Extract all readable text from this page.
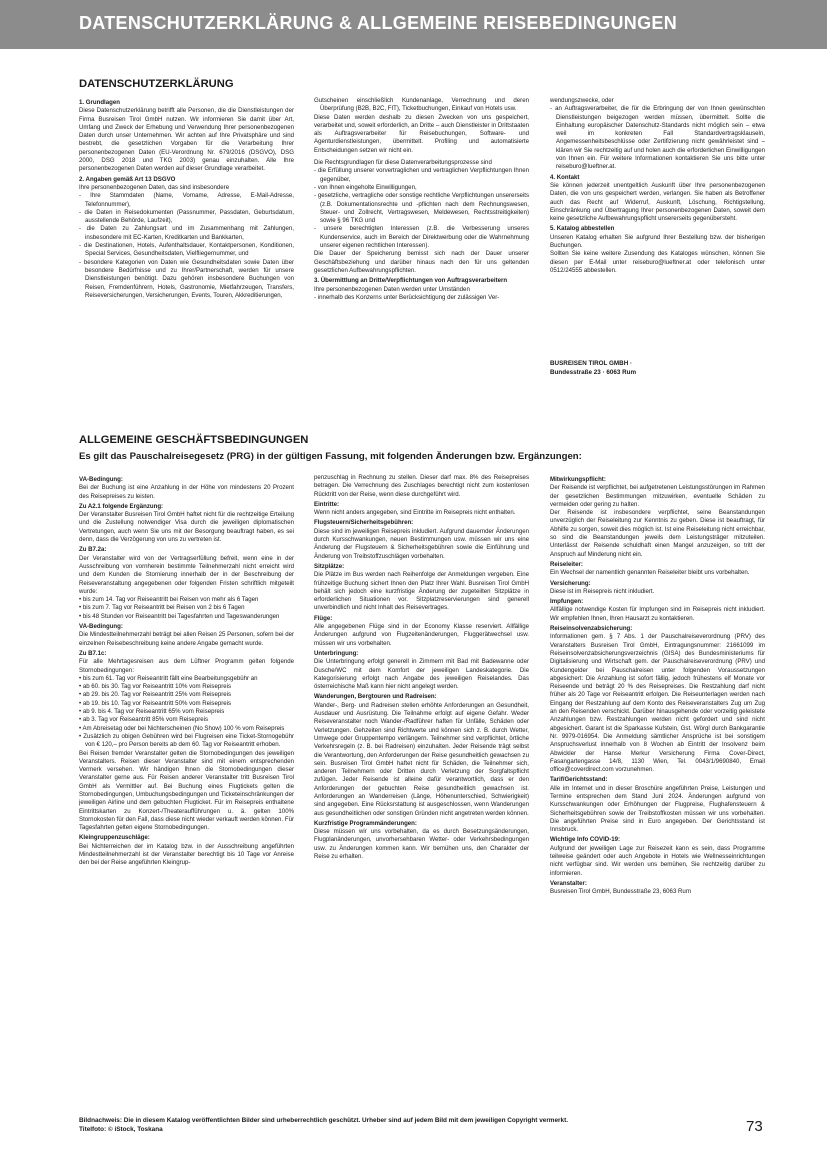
DATENSCHUTZERKLÄRUNG & ALLGEMEINE REISEBEDINGUNGEN
DATENSCHUTZERKLÄRUNG
1. Grundlagen
Diese Datenschutzerklärung betrifft alle Personen, die die Dienstleistungen der Firma Busreisen Tirol GmbH nutzen. Wir informieren Sie damit über Art, Umfang und Zweck der Erhebung und Verwendung Ihrer personenbezogenen Daten durch unser Unternehmen. Wir achten auf Ihre Privatsphäre und sind bestrebt, die gesetzlichen Vorgaben für die Verarbeitung Ihrer personenbezogenen Daten (EU-Verordnung Nr. 679/2016 (DSGVO), DSG 2000, DSG 2018 und TKG 2003) genau einzuhalten. Alle Ihre personenbezogenen Daten werden auf dieser Grundlage verarbeitet.
2. Angaben gemäß Art 13 DSGVO
Ihre personenbezogenen Daten, das sind insbesondere
- Ihre Stammdaten (Name, Vorname, Adresse, E-Mail-Adresse, Telefonnummer),
- die Daten in Reisedokumenten (Passnummer, Passdaten, Geburtsdatum, ausstellende Behörde, Laufzeit),
- die Daten zu Zahlungsart und im Zusammenhang mit Zahlungen, insbesondere mit EC-Karten, Kreditkarten und Bankkarten,
- die Destinationen, Hotels, Aufenthaltsdauer, Kontaktpersonen, Konditionen, Special Services, Gesundheitsdaten, Vielfliegernummer, und
- besondere Kategorien von Daten wie Gesundheitsdaten sowie Daten über besondere Bedürfnisse und zu Ihrer/Partnerschaft, werden für unsere Dienstleistungen benötigt. Dazu gehören insbesondere Buchungen von Reisen, Fremdenführern, Hotels, Gastronomie, Mietfahrzeugen, Transfers, Reiseversicherungen, Versicherungen, Events, Touren, Akkreditierungen,
Gutscheinen einschließlich Kundenanlage, Verrechnung und deren Überprüfung (B2B, B2C, FIT), Ticketbuchungen, Einkauf von Hotels usw.
Diese Daten werden deshalb zu diesen Zwecken von uns gespeichert, verarbeitet und, soweit erforderlich, an Dritte – auch Dienstleister in Drittstaaten als Auftragsverarbeiter für Reisebuchungen, Software- und Agenturdienstleistungen, übermittelt. Profiling und automatisierte Entscheidungen setzen wir nicht ein.
Die Rechtsgrundlagen für diese Datenverarbeitungsprozesse sind
- die Erfüllung unserer vorvertraglichen und vertraglichen Verpflichtungen Ihnen gegenüber,
- von Ihnen eingeholte Einwilligungen,
- gesetzliche, vertragliche oder sonstige rechtliche Verpflichtungen unsererseits (z.B. Dokumentationsrechte und -pflichten nach dem Rechnungswesen, Steuer- und Zollrecht, Vertragswesen, Meldewesen, Rechtsstreitigkeiten) sowie § 96 TKG und
- unsere berechtigten Interessen (z.B. die Verbesserung unseres Kundenservice, auch im Bereich der Direktwerbung oder die Wahrnehmung unserer eigenen rechtlichen Interessen).
Die Dauer der Speicherung bemisst sich nach der Dauer unserer Geschäftsbeziehung und darüber hinaus nach den für uns geltenden gesetzlichen Aufbewahrungspflichten.
3. Übermittlung an Dritte/Verpflichtungen von Auftragsverarbeitern
Ihre personenbezogenen Daten werden unter Umständen
- innerhalb des Konzerns unter Berücksichtigung der zulässigen Ver-
wendungszwecke, oder
- an Auftragsverarbeiter, die für die Erbringung der von Ihnen gewünschten Dienstleistungen beigezogen werden müssen, übermittelt. Sollte die Einhaltung europäischer Datenschutz-Standards nicht möglich sein – etwa weil im konkreten Fall Standardvertragsklauseln, Angemessenheitsbeschlüsse oder Zertifizierung nicht gewährleistet sind – klären wir Sie rechtzeitig auf und holen auch die erforderlichen Einwilligungen von Ihnen ein. Für weitere Informationen kontaktieren Sie uns bitte unter reiseburo@lueftner.at.
4. Kontakt
Sie können jederzeit unentgeltlich Auskunft über Ihre personenbezogenen Daten, die von uns gespeichert werden, verlangen. Sie haben als Betroffener auch das Recht auf Widerruf, Auskunft, Löschung, Richtigstellung, Einschränkung und Übertragung Ihrer personenbezogenen Daten, soweit dem keine gesetzliche Aufbewahrungspflicht unsererseits gegenübersteht.
5. Katalog abbestellen
Unseren Katalog erhalten Sie aufgrund Ihrer Bestellung bzw. der bisherigen Buchungen.
Sollten Sie keine weitere Zusendung des Kataloges wünschen, können Sie diesen per E-Mail unter reiseburo@lueftner.at oder telefonisch unter 0512/24555 abbestellen.
BUSREISEN TIROL GMBH ·
Bundesstraße 23 · 6063 Rum
ALLGEMEINE GESCHÄFTSBEDINGUNGEN
Es gilt das Pauschalreisegesetz (PRG) in der gültigen Fassung, mit folgenden Änderungen bzw. Ergänzungen:
VA-Bedingung:
Bei der Buchung ist eine Anzahlung in der Höhe von mindestens 20 Prozent des Reisepreises zu leisten.
Zu A2.1 folgende Ergänzung:
Der Veranstalter Busreisen Tirol GmbH haftet nicht für die rechtzeitige Erteilung und die Zustellung notwendiger Visa durch die jeweiligen diplomatischen Vertretungen, auch wenn Sie uns mit der Besorgung beauftragt haben, es sei denn, dass die Verzögerung von uns zu vertreten ist.
Zu B7.2a:
Der Veranstalter wird von der Vertragserfüllung befreit, wenn eine in der Ausschreibung von vornherein bestimmte Teilnehmerzahl nicht erreicht wird und dem Kunden die Stornierung innerhalb der in der Beschreibung der Reiseveranstaltung angegebenen oder folgenden Fristen schriftlich mitgeteilt wurde:
• bis zum 14. Tag vor Reiseantritt bei Reisen von mehr als 6 Tagen
• bis zum 7. Tag vor Reiseantritt bei Reisen von 2 bis 6 Tagen
• bis 48 Stunden vor Reiseantritt bei Tagesfahrten und Tageswanderungen
VA-Bedingung:
Die Mindestteilnehmerzahl beträgt bei allen Reisen 25 Personen, sofern bei der einzelnen Reisebeschreibung keine andere Angabe gemacht wurde.
Zu B7.1c:
Für alle Mehrtagesreisen aus dem Lüftner Programm gelten folgende Stornobedingungen:
• bis zum 61. Tag vor Reiseantritt fällt eine Bearbeitungsgebühr an
• ab 60. bis 30. Tag vor Reiseantritt 10% vom Reisepreis
• ab 29. bis 20. Tag vor Reiseantritt 25% vom Reisepreis
• ab 19. bis 10. Tag vor Reiseantritt 50% vom Reisepreis
• ab 9. bis 4. Tag vor Reiseantritt 65% vom Reisepreis
• ab 3. Tag vor Reiseantritt 85% vom Reisepreis
• Am Abreisetag oder bei Nichterscheinen (No Show) 100 % vom Reisepreis
• Zusätzlich zu obigen Gebühren wird bei Flugreisen eine Ticket-Stornogebühr von € 120,– pro Person bereits ab dem 60. Tag vor Reiseantritt erhoben.
Bei Reisen fremder Veranstalter gelten die Stornobedingungen des jeweiligen Veranstalters. Reisen dieser Veranstalter sind mit einem entsprechenden Vermerk versehen. Wir händigen Ihnen die Stornobedingungen dieser Veranstalter gerne aus. Für Reisen anderer Veranstalter tritt Busreisen Tirol GmbH als Vermittler auf. Bei Buchung eines Flugtickets gelten die Stornobedingungen, Umbuchungsbedingungen und Ticketeinschränkungen der jeweiligen Airline und dem gebuchten Flugticket. Für im Reisepreis enthaltene Eintrittskarten zu Konzert-/Theateraufführungen u. ä. gelten 100% Stornokosten für den Fall, dass diese nicht wieder verkauft werden können. Für Tagesfahrten gelten eigene Stornobedingungen.
Kleingruppenzuschläge:
Bei Nichterreichen der im Katalog bzw. in der Ausschreibung angeführten Mindestteilnehmerzahl ist der Veranstalter berechtigt bis 10 Tage vor Anreise den bei der Reise angeführten Kleingrup-
penzuschlag in Rechnung zu stellen. Dieser darf max. 8% des Reisepreises betragen. Die Verrechnung des Zuschlages berechtigt nicht zum kostenlosen Rücktritt von der Reise, wenn diese durchgeführt wird.
Eintritte:
Wenn nicht anders angegeben, sind Eintritte im Reisepreis nicht enthalten.
Flugsteuern/Sicherheitsgebühren:
Diese sind im jeweiligen Reisepreis inkludiert. Aufgrund dauernder Änderungen durch Kursschwankungen, neuen Bestimmungen usw. müssen wir uns eine Änderung der Flugsteuern & Sicherheitsgebühren sowie die Einführung und Änderung von Treibstoffzuschlägen vorbehalten.
Sitzplätze:
Die Plätze im Bus werden nach Reihenfolge der Anmeldungen vergeben. Eine frühzeitige Buchung sichert Ihnen den Platz Ihrer Wahl. Busreisen Tirol GmbH behält sich jedoch eine kurzfristige Änderung der zugeteilten Sitzplätze in erforderlichen Situationen vor. Sitzplatzreservierungen sind generell unverbindlich und nicht Inhalt des Reisevertrages.
Flüge:
Alle angegebenen Flüge sind in der Economy Klasse reserviert. Allfällige Änderungen aufgrund von Flugzeitenänderungen, Fluggerätwechsel usw. müssen wir uns vorbehalten.
Unterbringung:
Die Unterbringung erfolgt generell in Zimmern mit Bad mit Badewanne oder Dusche/WC mit dem Komfort der jeweiligen Landeskategorie. Die Kategorisierung erfolgt nach Angabe des jeweiligen Reiselandes. Das österreichische Maß kann hier nicht angelegt werden.
Wanderungen, Bergtouren und Radreisen:
Wander-, Berg- und Radreisen stellen erhöhte Anforderungen an Gesundheit, Ausdauer und Ausrüstung. Die Teilnahme erfolgt auf eigene Gefahr. Weder Reiseveranstalter noch Wander-/Radführer haften für Unfälle, Schäden oder Verletzungen. Gehzeiten sind Richtwerte und können sich z. B. durch Wetter, Umwege oder Gruppentempo verlängern. Teilnehmer sind verpflichtet, örtliche Verkehrsregeln (z. B. bei Radreisen) einzuhalten. Jeder Reisende trägt selbst die Verantwortung, den Anforderungen der Reise gesundheitlich gewachsen zu sein. Busreisen Tirol GmbH haftet nicht für Schäden, die Teilnehmer sich, anderen Teilnehmern oder Dritten durch Verletzung der Sorgfaltspflicht zufügen. Jeder Reisende ist alleine dafür verantwortlich, dass er den Anforderungen der gebuchten Reise gesundheitlich gewachsen ist. Anforderungen an Wanderreisen (Länge, Höhenunterschied, Schwierigkeit) sind angegeben. Eine Rücksrstattung ist ausgeschlossen, wenn Wanderungen aus gesundheitlichen oder sonstigen Gründen nicht angetreten werden können.
Kurzfristige Programmänderungen:
Diese müssen wir uns vorbehalten, da es durch Besetzungsänderungen, Flugplanänderungen, unvorhersehbaren Wetter- oder Verkehrsbedingungen usw. zu Änderungen kommen kann. Wir bemühen uns, den Charakter der Reise zu erhalten.
Mitwirkungspflicht:
Der Reisende ist verpflichtet, bei aufgetretenen Leistungsstörungen im Rahmen der gesetzlichen Bestimmungen mitzuwirken, eventuelle Schäden zu vermeiden oder gering zu halten.
Der Reisende ist insbesondere verpflichtet, seine Beanstandungen unverzüglich der Reiseleitung zur Kenntnis zu geben. Diese ist beauftragt, für Abhilfe zu sorgen, soweit dies möglich ist. Ist eine Reiseleitung nicht erreichbar, so sind die Beanstandungen jeweils dem Leistungsträger mitzuteilen. Unterlässt der Reisende schuldhaft einen Mangel anzuzeigen, so tritt der Anspruch auf Minderung nicht ein.
Reiseleiter:
Ein Wechsel der namentlich genannten Reiseleiter bleibt uns vorbehalten.
Versicherung:
Diese ist im Reisepreis nicht inkludiert.
Impfungen:
Allfällige notwendige Kosten für Impfungen sind im Reisepreis nicht inkludiert. Wir empfehlen Ihnen, Ihren Hausarzt zu kontaktieren.
Reiseinsolvenzabsicherung:
Informationen gem. § 7 Abs. 1 der Pauschalreiseverordnung (PRV) des Veranstalters Busreisen Tirol GmbH, Eintragungsnummer: 21661099 im Reiseinsolvenzabsicherungsverzeichnis (GISA) des Bundesministeriums für Digitalisierung und Wirtschaft gem. der Pauschalreiseverordnung (PRV) und Kundengelder bei Pauschalreisen unter folgenden Voraussetzungen abgesichert: Die Anzahlung ist sofort fällig, jedoch frühestens elf Monate vor Reiseende und beträgt 20 % des Reisepreises. Die Restzahlung darf nicht früher als 20 Tage vor Reiseantritt erfolgen. Die Reiseunterlagen werden nach Eingang der Restzahlung auf dem Konto des Reiseveranstalters Zug um Zug an den Reisenden verschickt. Darüber hinausgehende oder vorzeitig geleistete Anzahlungen bzw. Restzahlungen werden nicht gefordert und sind nicht abgesichert. Garant ist die Sparkasse Kufstein, Gst. Wörgl durch Bankgarantie Nr. 9979-016954. Die Anmeldung sämtlicher Ansprüche ist bei sonstigem Anspruchsverlust innerhalb von 8 Wochen ab Eintritt der Insolvenz beim Abwickler der Hanse Merkur Versicherung Firma Cover-Direct, Fasangartengasse 14/8, 1130 Wien, Tel. 0043/1/9690840, Email office@coverdirect.com vorzunehmen.
Tarif/Gerichtsstand:
Alle im Internet und in dieser Broschüre angeführten Preise, Leistungen und Termine entsprechen dem Stand Juni 2024. Änderungen aufgrund von Kursschwankungen oder Erhöhungen der Flugpreise, Flughafensteuern & Sicherheitsgebühren sowie der Treibstoffkosten müssen wir uns vorbehalten. Die angeführten Preise sind in Euro angegeben. Der Gerichtsstand ist Innsbruck.
Wichtige Info COVID-19:
Aufgrund der jeweiligen Lage zur Reisezeit kann es sein, dass Programme teilweise geändert oder auch Angebote in Hotels wie Wellnesseinrichtungen nicht verfügbar sind. Wir werden uns bemühen, Sie rechtzeitig darüber zu informieren.
Veranstalter:
Busreisen Tirol GmbH, Bundesstraße 23, 6063 Rum
Bildnachweis: Die in diesem Katalog veröffentlichten Bilder sind urheberrechtlich geschützt. Urheber sind auf jedem Bild mit dem jeweiligen Copyright vermerkt.
Titelfoto: © iStock, Toskana	73
